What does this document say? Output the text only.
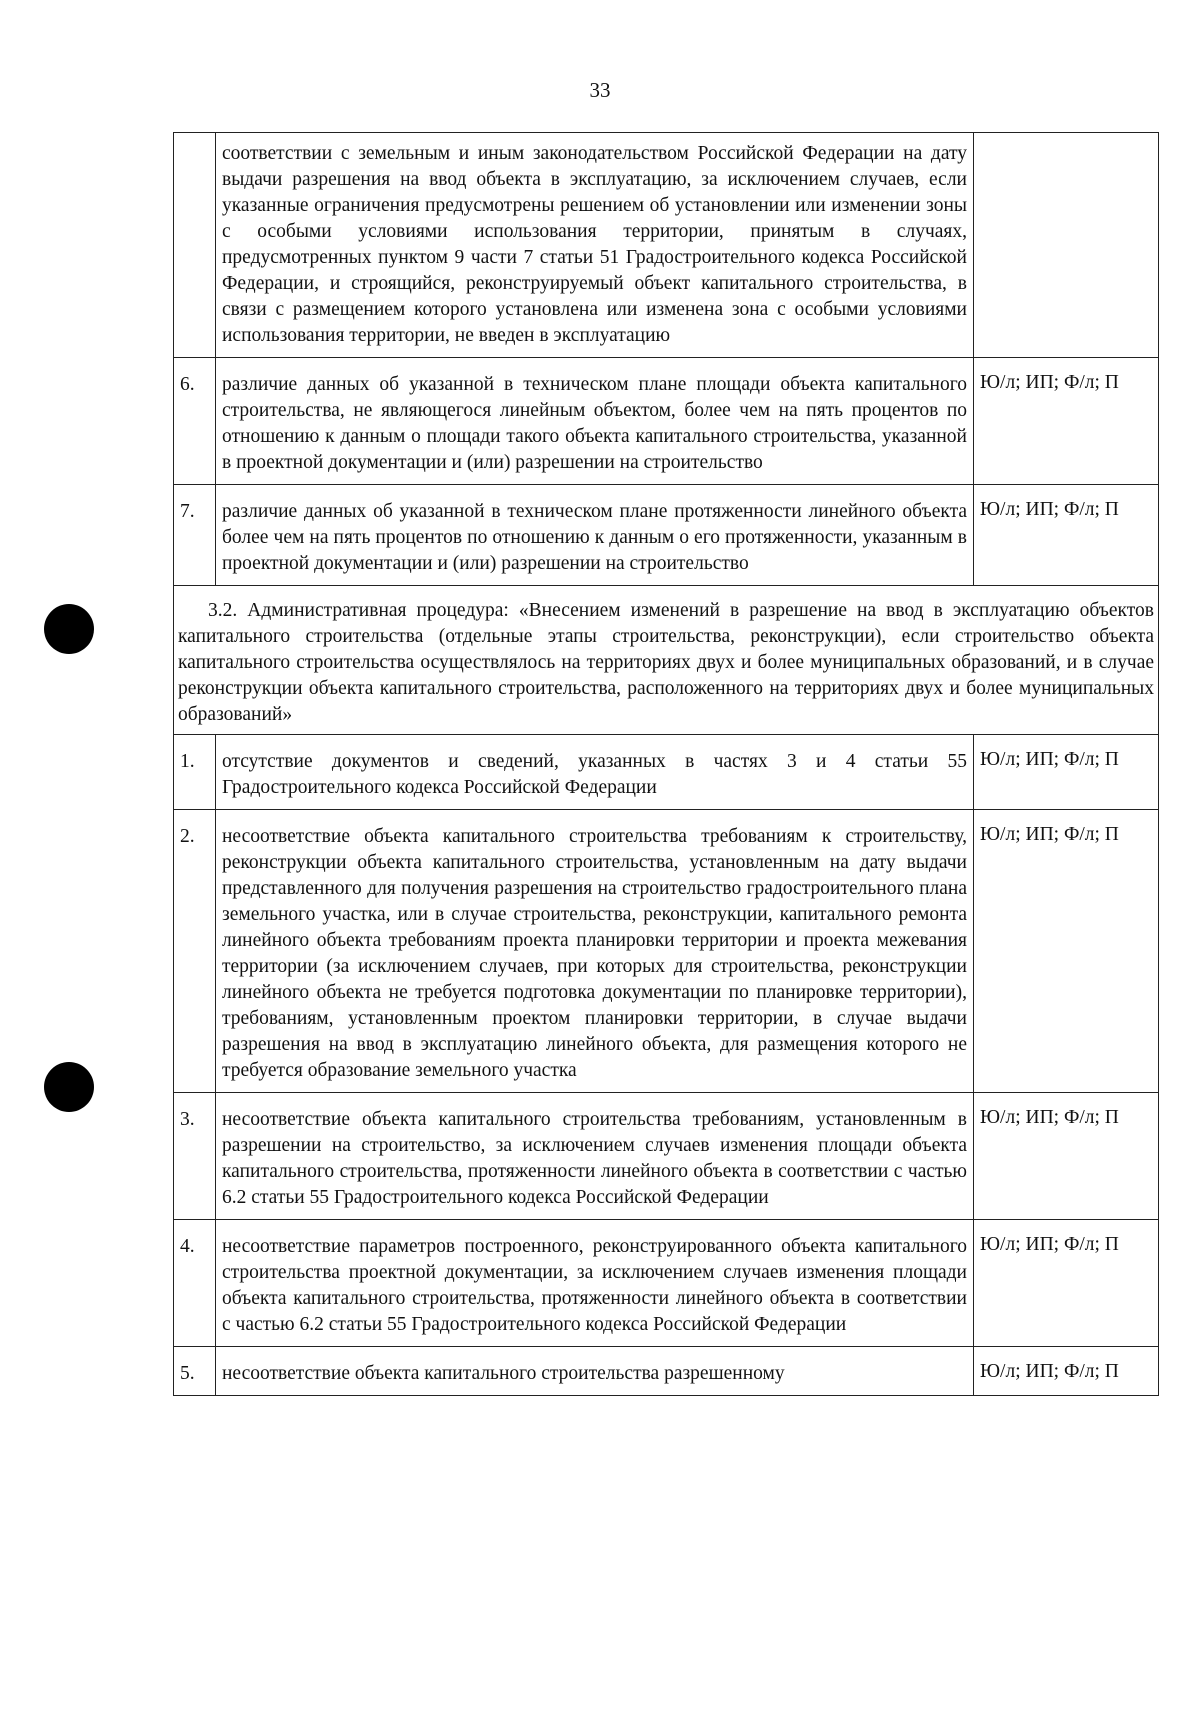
33
	соответствии с земельным и иным законодательством Российской Федерации на дату выдачи разрешения на ввод объекта в эксплуатацию, за исключением случаев, если указанные ограничения предусмотрены решением об установлении или изменении зоны с особыми условиями использования территории, принятым в случаях, предусмотренных пунктом 9 части 7 статьи 51 Градостроительного кодекса Российской Федерации, и строящийся, реконструируемый объект капитального строительства, в связи с размещением которого установлена или изменена зона с особыми условиями использования территории, не введен в эксплуатацию	
6.	различие данных об указанной в техническом плане площади объекта капитального строительства, не являющегося линейным объектом, более чем на пять процентов по отношению к данным о площади такого объекта капитального строительства, указанной в проектной документации и (или) разрешении на строительство	Ю/л; ИП; Ф/л; П
7.	различие данных об указанной в техническом плане протяженности линейного объекта более чем на пять процентов по отношению к данным о его протяженности, указанным в проектной документации и (или) разрешении на строительство	Ю/л; ИП; Ф/л; П
3.2. Административная процедура: «Внесением изменений в разрешение на ввод в эксплуатацию объектов капитального строительства (отдельные этапы строительства, реконструкции), если строительство объекта капитального строительства осуществлялось на территориях двух и более муниципальных образований, и в случае реконструкции объекта капитального строительства, расположенного на территориях двух и более муниципальных образований»		
1.	отсутствие документов и сведений, указанных в частях 3 и 4 статьи 55 Градостроительного кодекса Российской Федерации	Ю/л; ИП; Ф/л; П
2.	несоответствие объекта капитального строительства требованиям к строительству, реконструкции объекта капитального строительства, установленным на дату выдачи представленного для получения разрешения на строительство градостроительного плана земельного участка, или в случае строительства, реконструкции, капитального ремонта линейного объекта требованиям проекта планировки территории и проекта межевания территории (за исключением случаев, при которых для строительства, реконструкции линейного объекта не требуется подготовка документации по планировке территории), требованиям, установленным проектом планировки территории, в случае выдачи разрешения на ввод в эксплуатацию линейного объекта, для размещения которого не требуется образование земельного участка	Ю/л; ИП; Ф/л; П
3.	несоответствие объекта капитального строительства требованиям, установленным в разрешении на строительство, за исключением случаев изменения площади объекта капитального строительства, протяженности линейного объекта в соответствии с частью 6.2 статьи 55 Градостроительного кодекса Российской Федерации	Ю/л; ИП; Ф/л; П
4.	несоответствие параметров построенного, реконструированного объекта капитального строительства проектной документации, за исключением случаев изменения площади объекта капитального строительства, протяженности линейного объекта в соответствии с частью 6.2 статьи 55 Градостроительного кодекса Российской Федерации	Ю/л; ИП; Ф/л; П
5.	несоответствие объекта капитального строительства разрешенному	Ю/л; ИП; Ф/л; П
